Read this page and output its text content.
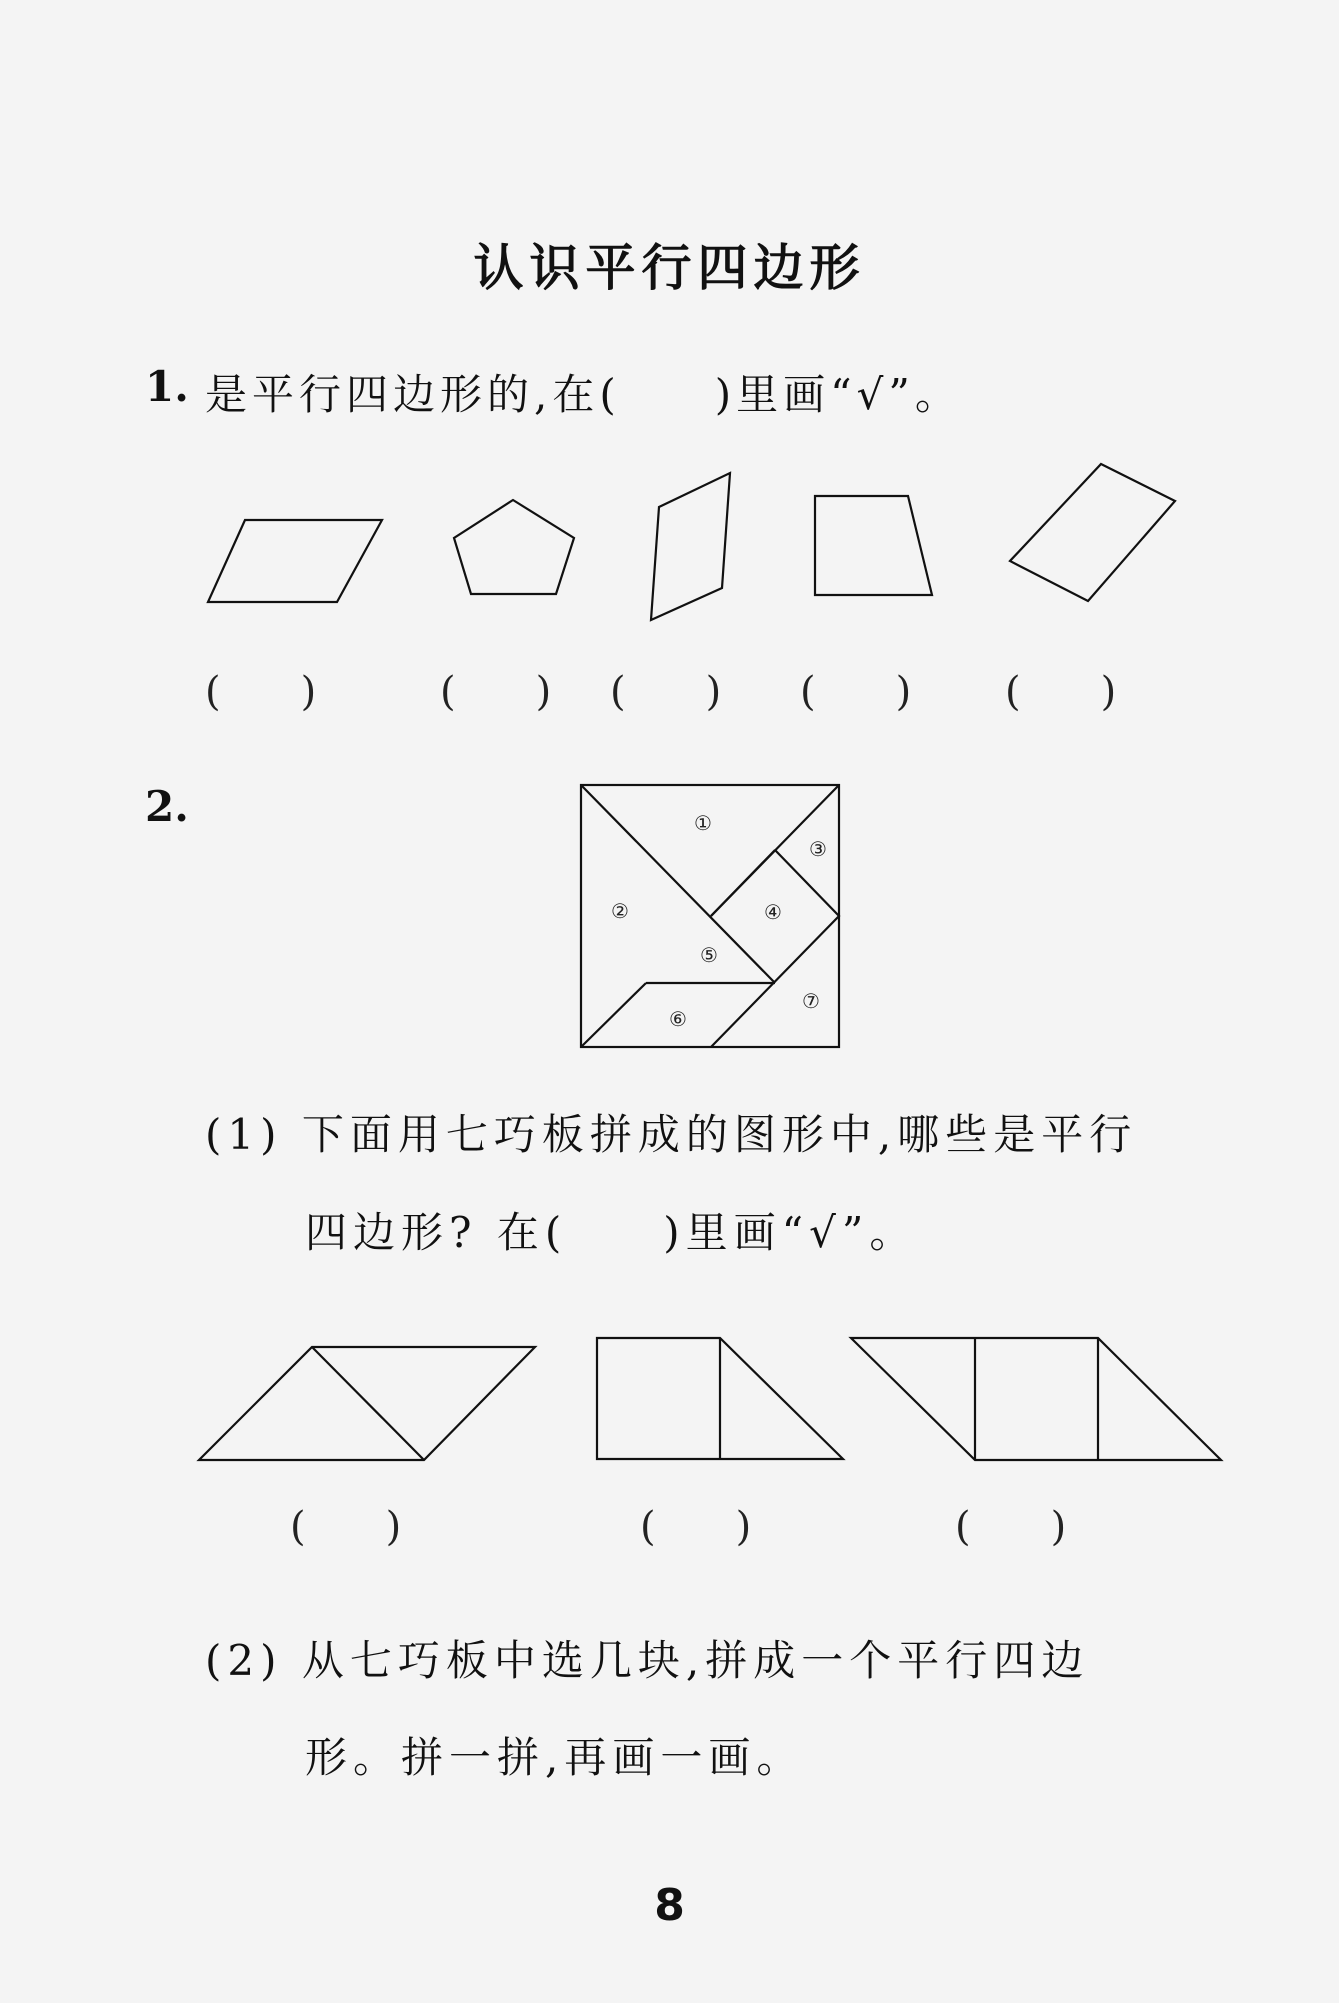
认识平行四边形
1. 是平行四边形的,在(　　)里画“√”。
(　　)	(　　) (　　) (　　) (　　)
2.
(1) 下面用七巧板拼成的图形中,哪些是平行
四边形? 在(　　)里画“√”。
(　　)	(　　)	(　　)
(2) 从七巧板中选几块,拼成一个平行四边
形。拼一拼,再画一画。
8
①
②
③
④
⑤
⑥
⑦
